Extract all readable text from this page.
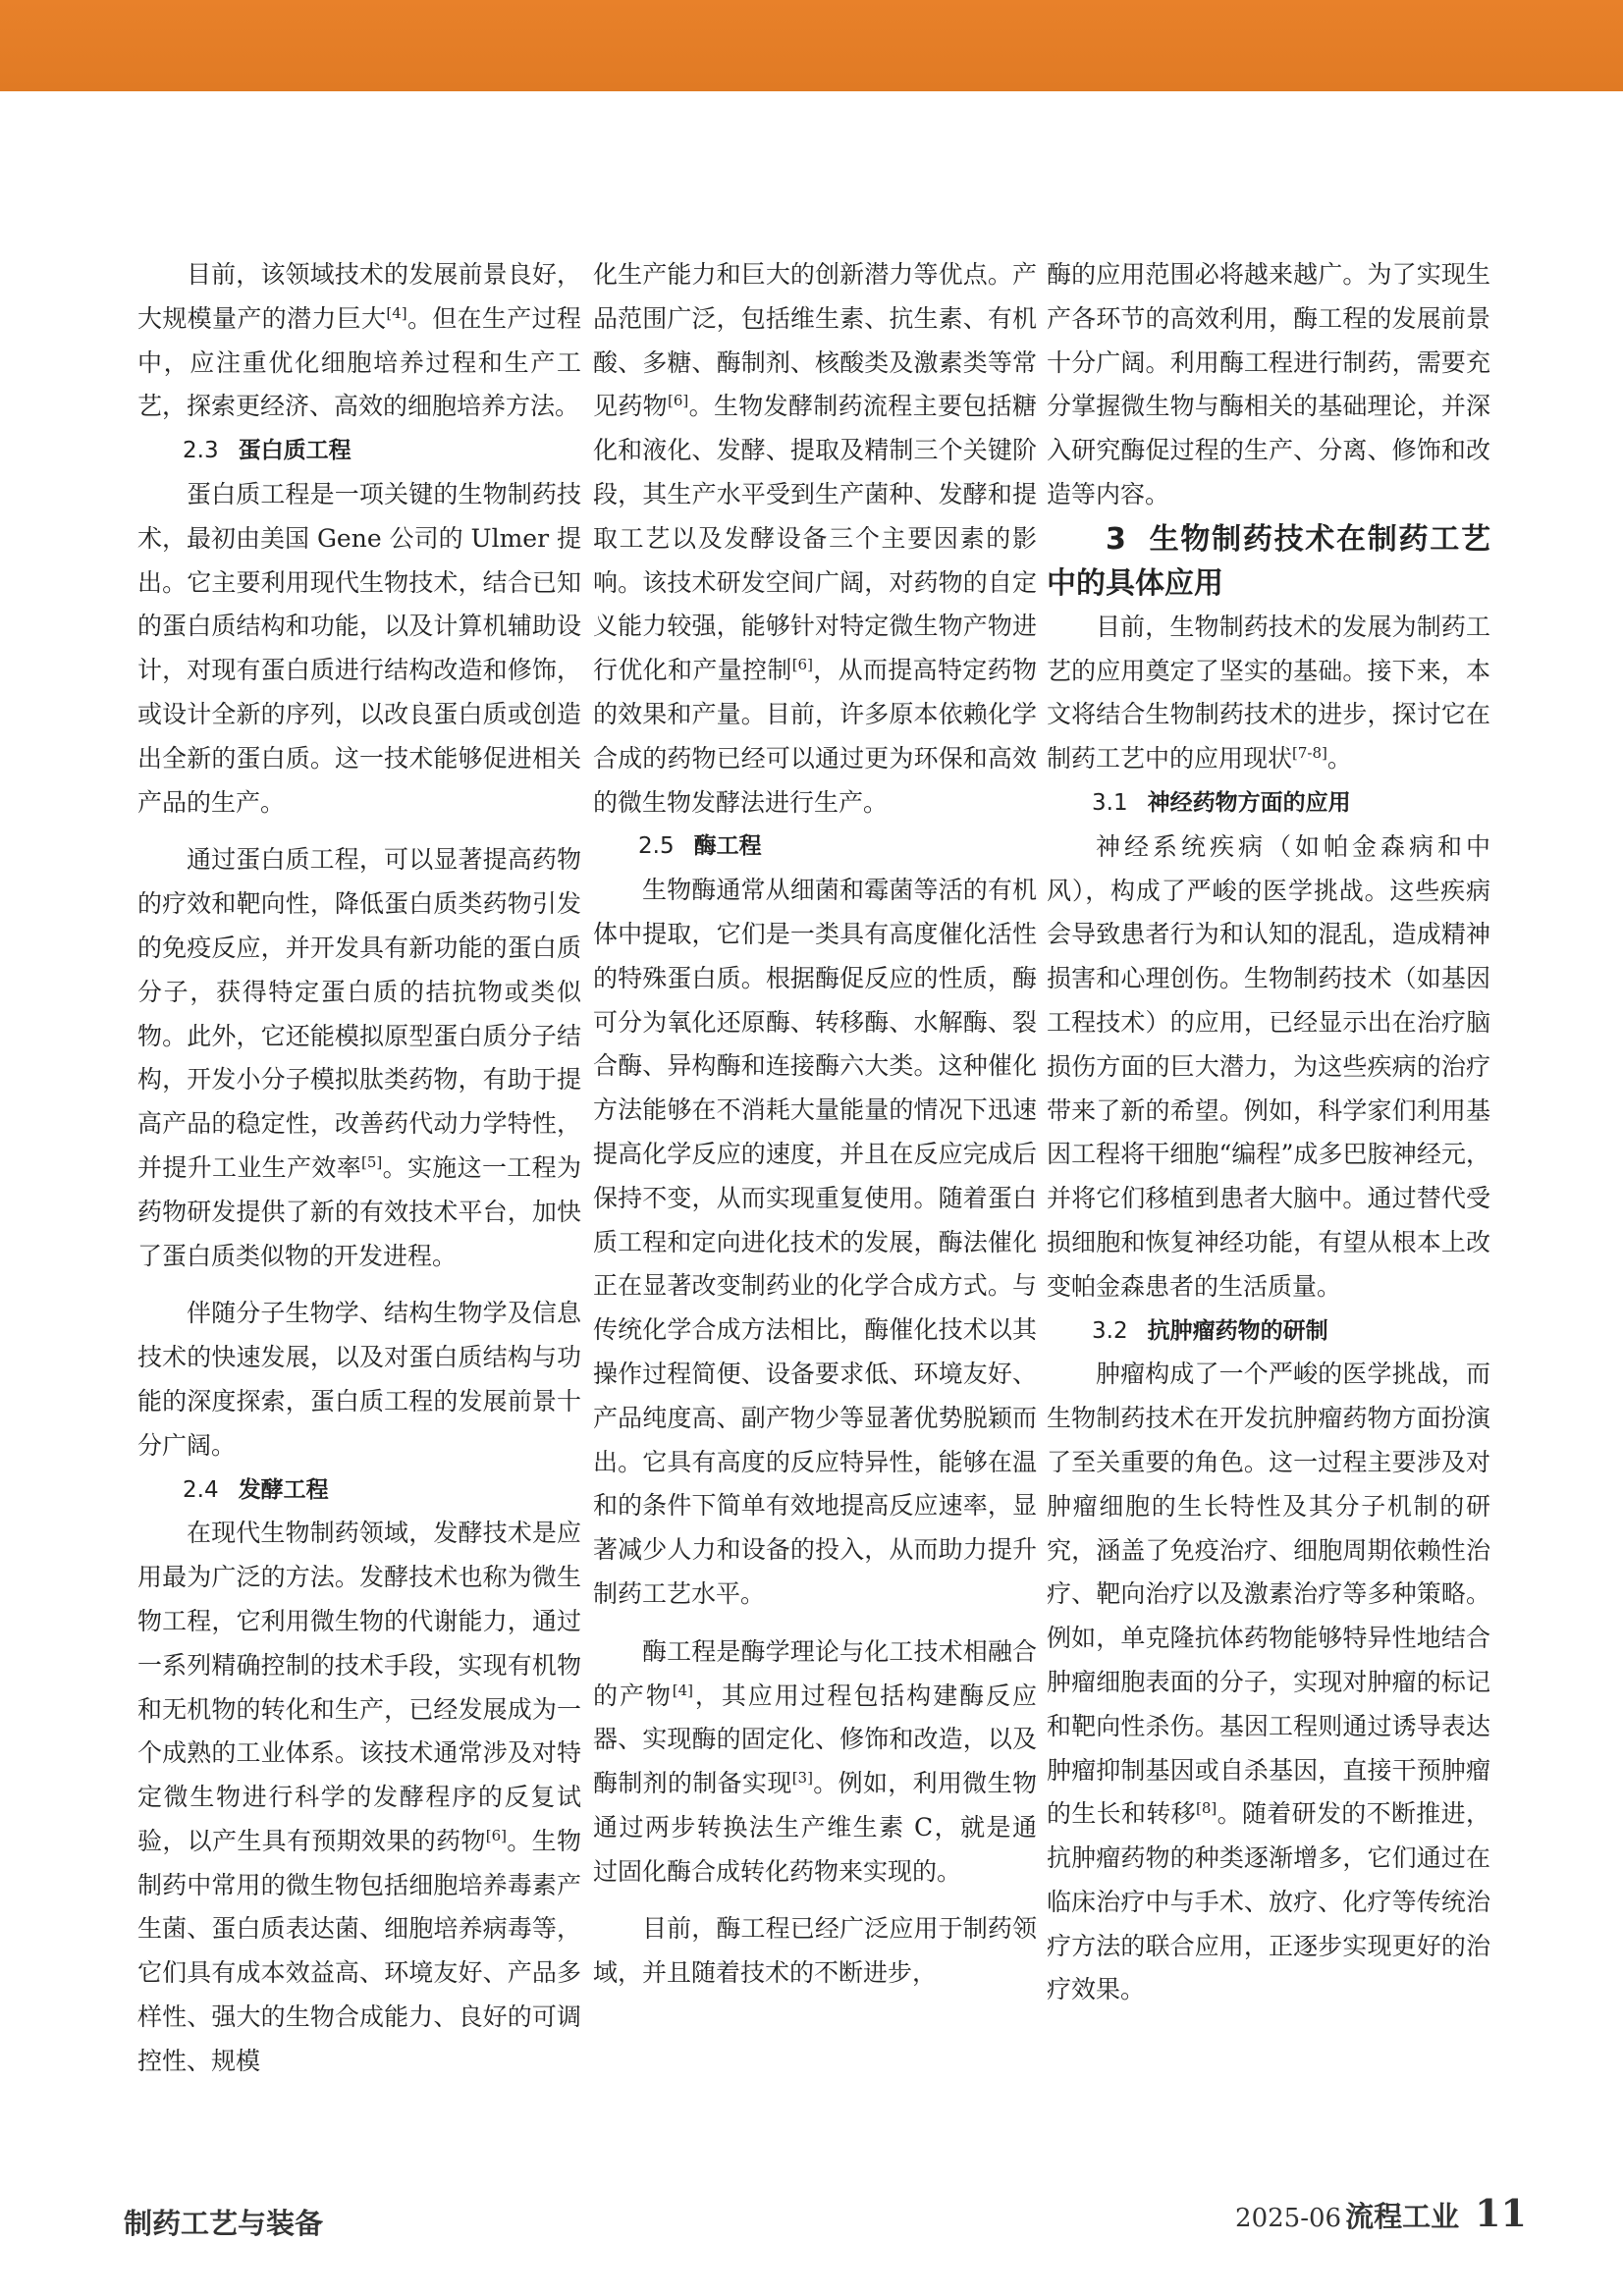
目前，该领域技术的发展前景良好，大规模量产的潜力巨大[4]。但在生产过程中，应注重优化细胞培养过程和生产工艺，探索更经济、高效的细胞培养方法。

2.3 蛋白质工程

蛋白质工程是一项关键的生物制药技术，最初由美国 Gene 公司的 Ulmer 提出。它主要利用现代生物技术，结合已知的蛋白质结构和功能，以及计算机辅助设计，对现有蛋白质进行结构改造和修饰，或设计全新的序列，以改良蛋白质或创造出全新的蛋白质。这一技术能够促进相关产品的生产。

通过蛋白质工程，可以显著提高药物的疗效和靶向性，降低蛋白质类药物引发的免疫反应，并开发具有新功能的蛋白质分子，获得特定蛋白质的拮抗物或类似物。此外，它还能模拟原型蛋白质分子结构，开发小分子模拟肽类药物，有助于提高产品的稳定性，改善药代动力学特性，并提升工业生产效率[5]。实施这一工程为药物研发提供了新的有效技术平台，加快了蛋白质类似物的开发进程。

伴随分子生物学、结构生物学及信息技术的快速发展，以及对蛋白质结构与功能的深度探索，蛋白质工程的发展前景十分广阔。

2.4 发酵工程

在现代生物制药领域，发酵技术是应用最为广泛的方法。发酵技术也称为微生物工程，它利用微生物的代谢能力，通过一系列精确控制的技术手段，实现有机物和无机物的转化和生产，已经发展成为一个成熟的工业体系。该技术通常涉及对特定微生物进行科学的发酵程序的反复试验，以产生具有预期效果的药物[6]。生物制药中常用的微生物包括细胞培养毒素产生菌、蛋白质表达菌、细胞培养病毒等，它们具有成本效益高、环境友好、产品多样性、强大的生物合成能力、良好的可调控性、规模

化生产能力和巨大的创新潜力等优点。产品范围广泛，包括维生素、抗生素、有机酸、多糖、酶制剂、核酸类及激素类等常见药物[6]。生物发酵制药流程主要包括糖化和液化、发酵、提取及精制三个关键阶段，其生产水平受到生产菌种、发酵和提取工艺以及发酵设备三个主要因素的影响。该技术研发空间广阔，对药物的自定义能力较强，能够针对特定微生物产物进行优化和产量控制[6]，从而提高特定药物的效果和产量。目前，许多原本依赖化学合成的药物已经可以通过更为环保和高效的微生物发酵法进行生产。

2.5 酶工程

生物酶通常从细菌和霉菌等活的有机体中提取，它们是一类具有高度催化活性的特殊蛋白质。根据酶促反应的性质，酶可分为氧化还原酶、转移酶、水解酶、裂合酶、异构酶和连接酶六大类。这种催化方法能够在不消耗大量能量的情况下迅速提高化学反应的速度，并且在反应完成后保持不变，从而实现重复使用。随着蛋白质工程和定向进化技术的发展，酶法催化正在显著改变制药业的化学合成方式。与传统化学合成方法相比，酶催化技术以其操作过程简便、设备要求低、环境友好、产品纯度高、副产物少等显著优势脱颖而出。它具有高度的反应特异性，能够在温和的条件下简单有效地提高反应速率，显著减少人力和设备的投入，从而助力提升制药工艺水平。

酶工程是酶学理论与化工技术相融合的产物[4]，其应用过程包括构建酶反应器、实现酶的固定化、修饰和改造，以及酶制剂的制备实现[3]。例如，利用微生物通过两步转换法生产维生素 C，就是通过固化酶合成转化药物来实现的。

目前，酶工程已经广泛应用于制药领域，并且随着技术的不断进步，

酶的应用范围必将越来越广。为了实现生产各环节的高效利用，酶工程的发展前景十分广阔。利用酶工程进行制药，需要充分掌握微生物与酶相关的基础理论，并深入研究酶促过程的生产、分离、修饰和改造等内容。

3 生物制药技术在制药工艺中的具体应用

目前，生物制药技术的发展为制药工艺的应用奠定了坚实的基础。接下来，本文将结合生物制药技术的进步，探讨它在制药工艺中的应用现状[7-8]。

3.1 神经药物方面的应用

神经系统疾病（如帕金森病和中风），构成了严峻的医学挑战。这些疾病会导致患者行为和认知的混乱，造成精神损害和心理创伤。生物制药技术（如基因工程技术）的应用，已经显示出在治疗脑损伤方面的巨大潜力，为这些疾病的治疗带来了新的希望。例如，科学家们利用基因工程将干细胞“编程”成多巴胺神经元，并将它们移植到患者大脑中。通过替代受损细胞和恢复神经功能，有望从根本上改变帕金森患者的生活质量。

3.2 抗肿瘤药物的研制

肿瘤构成了一个严峻的医学挑战，而生物制药技术在开发抗肿瘤药物方面扮演了至关重要的角色。这一过程主要涉及对肿瘤细胞的生长特性及其分子机制的研究，涵盖了免疫治疗、细胞周期依赖性治疗、靶向治疗以及激素治疗等多种策略。例如，单克隆抗体药物能够特异性地结合肿瘤细胞表面的分子，实现对肿瘤的标记和靶向性杀伤。基因工程则通过诱导表达肿瘤抑制基因或自杀基因，直接干预肿瘤的生长和转移[8]。随着研发的不断推进，抗肿瘤药物的种类逐渐增多，它们通过在临床治疗中与手术、放疗、化疗等传统治疗方法的联合应用，正逐步实现更好的治疗效果。

制药工艺与装备	2025-06 流程工业 11
